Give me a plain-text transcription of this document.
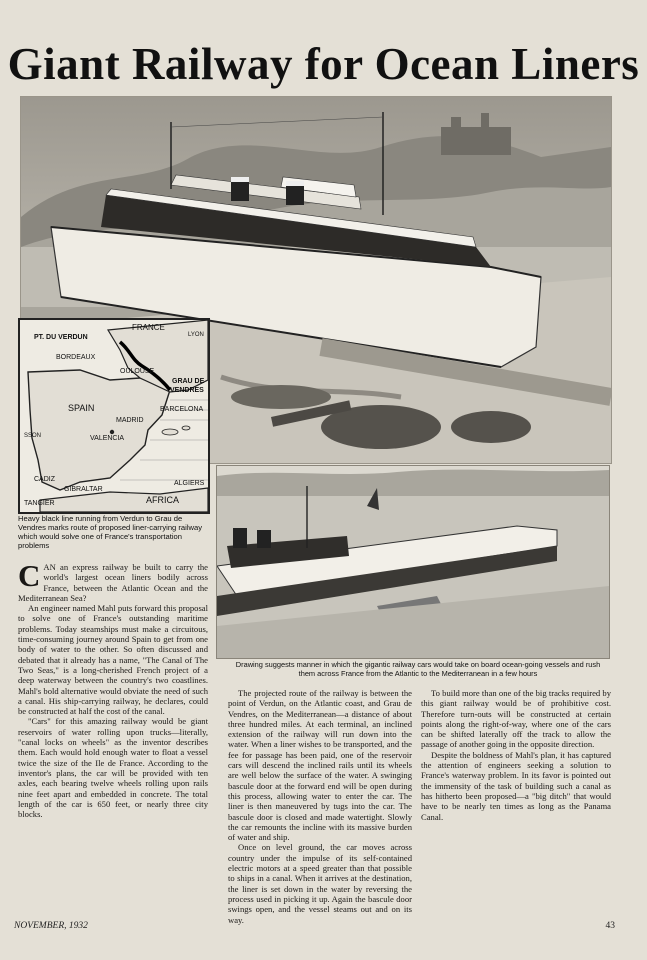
Giant Railway for Ocean Liners
PT. DU VERDUN
FRANCE
LYON
BORDEAUX
OULOUSE
GRAU DE
VENDRES
SPAIN
MADRID
BARCELONA
VALENCIA
SSON
CADIZ
GIBRALTAR
ALGIERS
TANGIER	AFRICA
Heavy black line running from Verdun to Grau de Vendres marks route of proposed liner-carrying railway which would solve one of France's transportation problems
Drawing suggests manner in which the gigantic railway cars would take on board ocean-going vessels and rush them across France from the Atlantic to the Mediterranean in a few hours

CAN an express railway be built to carry the world's largest ocean liners bodily across France, between the Atlantic Ocean and the Mediterranean Sea?

An engineer named Mahl puts forward this proposal to solve one of France's outstanding maritime problems. Today steamships must make a circuitous, time-consuming journey around Spain to get from one body of water to the other. So often discussed and debated that it already has a name, "The Canal of The Two Seas," is a long-cherished French project of a deep waterway between the country's two coastlines. Mahl's bold alternative would obviate the need of such a canal. His ship-carrying railway, he declares, could be constructed at half the cost of the canal.

"Cars" for this amazing railway would be giant reservoirs of water rolling upon trucks—literally, "canal locks on wheels" as the inventor describes them. Each would hold enough water to float a vessel twice the size of the Ile de France. According to the inventor's plans, the car will be provided with ten axles, each bearing twelve wheels rolling upon rails nine feet apart and embedded in concrete. The total length of the car is 650 feet, or nearly three city blocks.

The projected route of the railway is between the point of Verdun, on the Atlantic coast, and Grau de Vendres, on the Mediterranean—a distance of about three hundred miles. At each terminal, an inclined extension of the railway will run down into the water. When a liner wishes to be transported, and the fee for passage has been paid, one of the reservoir cars will descend the inclined rails until its wheels are well below the surface of the water. A swinging bascule door at the forward end will be open during this process, allowing water to enter the car. The liner is then maneuvered by tugs into the car. The bascule door is closed and made watertight. Slowly the car remounts the incline with its massive burden of water and ship.

Once on level ground, the car moves across country under the impulse of its self-contained electric motors at a speed greater than that possible to ships in a canal. When it arrives at the destination, the liner is set down in the water by reversing the process used in picking it up. Again the bascule door swings open, and the vessel steams out and on its way.

To build more than one of the big tracks required by this giant railway would be of prohibitive cost. Therefore turn-outs will be constructed at certain points along the right-of-way, where one of the cars can be shifted laterally off the track to allow the passage of another going in the opposite direction.

Despite the boldness of Mahl's plan, it has captured the attention of engineers seeking a solution to France's waterway problem. In its favor is pointed out the immensity of the task of building such a canal as has hitherto been proposed—a "big ditch" that would have to be nearly ten times as long as the Panama Canal.

NOVEMBER, 1932	43
